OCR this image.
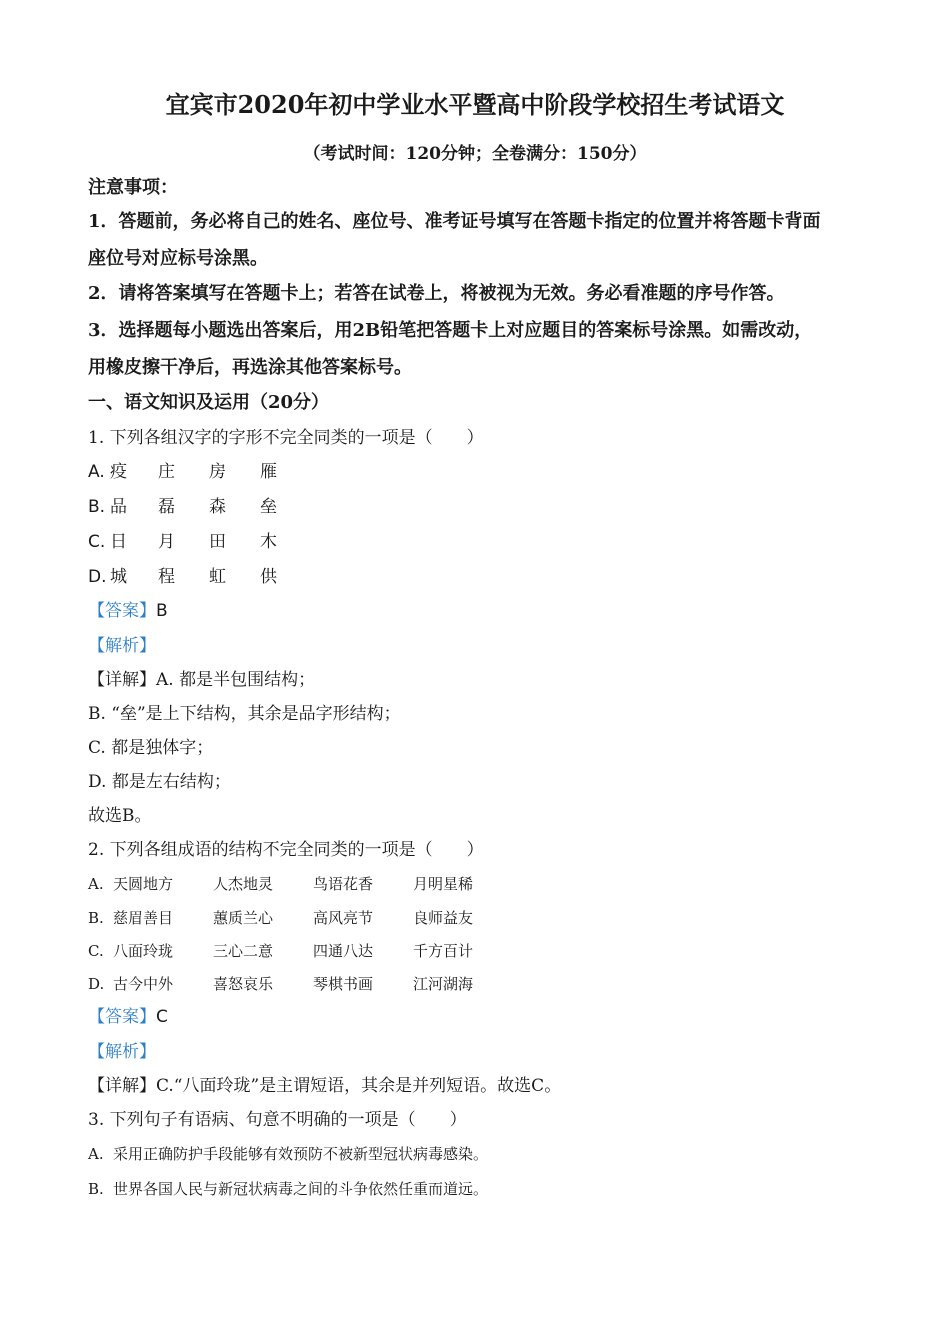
宜宾市2020年初中学业水平暨高中阶段学校招生考试语文
（考试时间：120分钟；全卷满分：150分）
注意事项：
1．答题前，务必将自己的姓名、座位号、准考证号填写在答题卡指定的位置并将答题卡背面
座位号对应标号涂黑。
2．请将答案填写在答题卡上；若答在试卷上，将被视为无效。务必看准题的序号作答。
3．选择题每小题选出答案后，用2B铅笔把答题卡上对应题目的答案标号涂黑。如需改动，
用橡皮擦干净后，再选涂其他答案标号。
一、语文知识及运用（20分）
1. 下列各组汉字的字形不完全同类的一项是（　　）
A. 疫 庄 房 雁
B. 品 磊 森 垒
C. 日 月 田 木
D. 城 程 虹 供
【答案】B
【解析】
【详解】A. 都是半包围结构；
B. “垒”是上下结构，其余是品字形结构；
C. 都是独体字；
D. 都是左右结构；
故选B。
2. 下列各组成语的结构不完全同类的一项是（　　）
A. 天圆地方	人杰地灵	鸟语花香	月明星稀
B. 慈眉善目	蕙质兰心	高风亮节	良师益友
C. 八面玲珑	三心二意	四通八达	千方百计
D. 古今中外	喜怒哀乐	琴棋书画	江河湖海
【答案】C
【解析】
【详解】C.“八面玲珑”是主谓短语，其余是并列短语。故选C。
3. 下列句子有语病、句意不明确的一项是（　　）
A. 采用正确防护手段能够有效预防不被新型冠状病毒感染。
B. 世界各国人民与新冠状病毒之间的斗争依然任重而道远。
